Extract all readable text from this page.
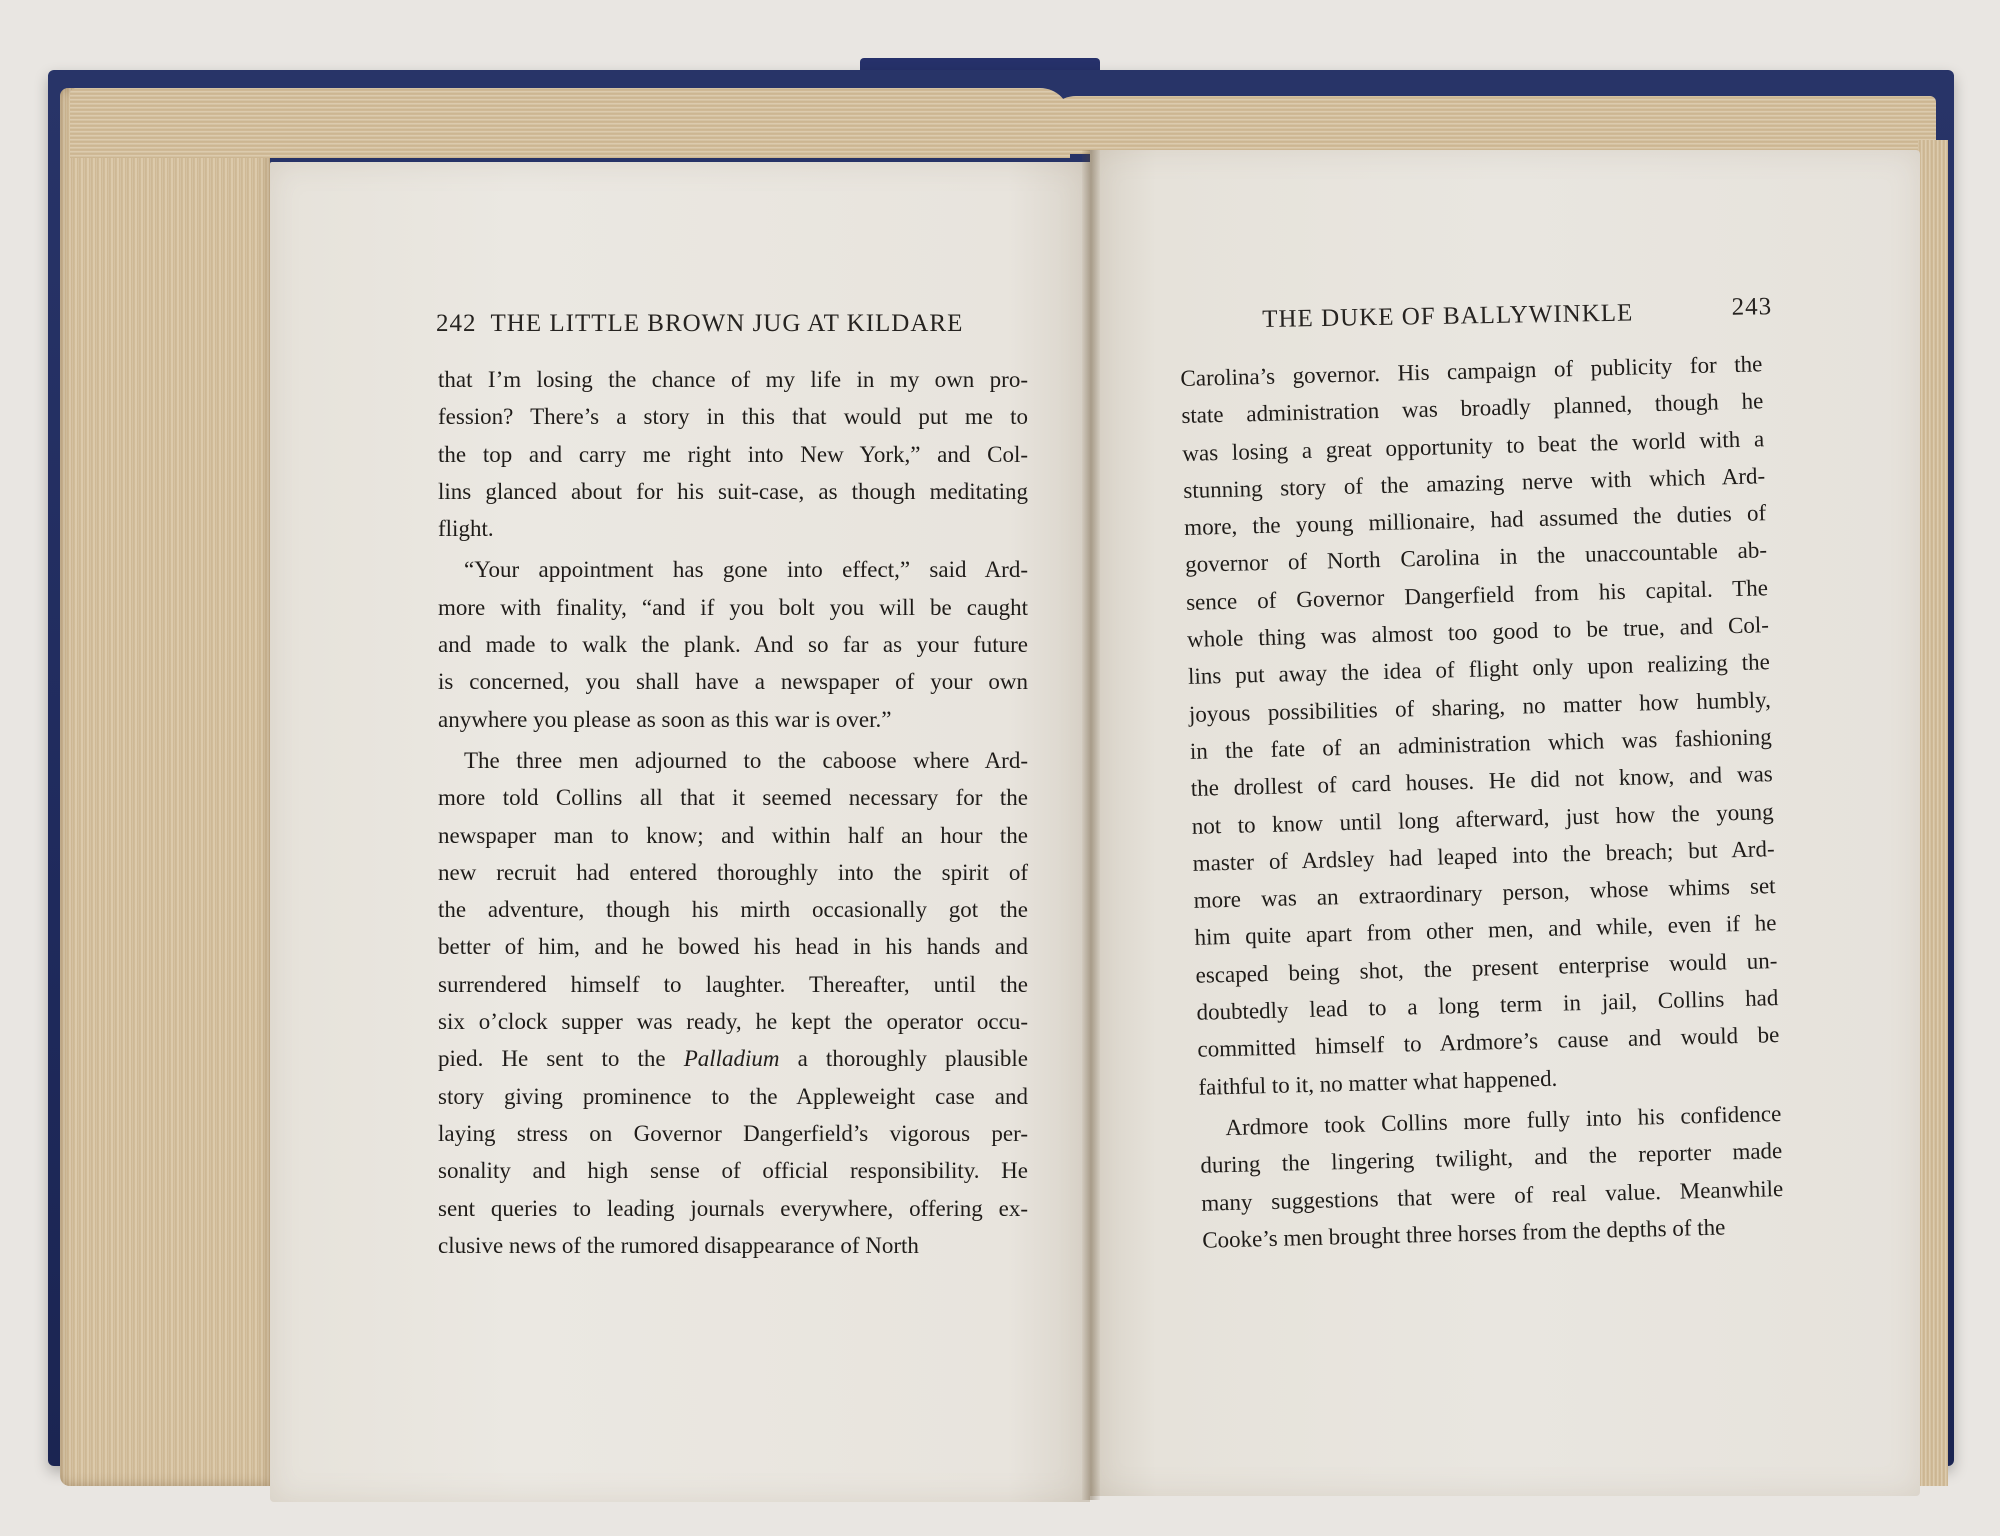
242 THE LITTLE BROWN JUG AT KILDARE	THE DUKE OF BALLYWINKLE	243
that I’m losing the chance of my life in my own pro-
fession? There’s a story in this that would put me to
the top and carry me right into New York,” and Col-
lins glanced about for his suit-case, as though meditating
flight.
“Your appointment has gone into effect,” said Ard-
more with finality, “and if you bolt you will be caught
and made to walk the plank. And so far as your future
is concerned, you shall have a newspaper of your own
anywhere you please as soon as this war is over.”
The three men adjourned to the caboose where Ard-
more told Collins all that it seemed necessary for the
newspaper man to know; and within half an hour the
new recruit had entered thoroughly into the spirit of
the adventure, though his mirth occasionally got the
better of him, and he bowed his head in his hands and
surrendered himself to laughter. Thereafter, until the
six o’clock supper was ready, he kept the operator occu-
pied. He sent to the Palladium a thoroughly plausible
story giving prominence to the Appleweight case and
laying stress on Governor Dangerfield’s vigorous per-
sonality and high sense of official responsibility. He
sent queries to leading journals everywhere, offering ex-
clusive news of the rumored disappearance of North
Carolina’s governor. His campaign of publicity for the
state administration was broadly planned, though he
was losing a great opportunity to beat the world with a
stunning story of the amazing nerve with which Ard-
more, the young millionaire, had assumed the duties of
governor of North Carolina in the unaccountable ab-
sence of Governor Dangerfield from his capital. The
whole thing was almost too good to be true, and Col-
lins put away the idea of flight only upon realizing the
joyous possibilities of sharing, no matter how humbly,
in the fate of an administration which was fashioning
the drollest of card houses. He did not know, and was
not to know until long afterward, just how the young
master of Ardsley had leaped into the breach; but Ard-
more was an extraordinary person, whose whims set
him quite apart from other men, and while, even if he
escaped being shot, the present enterprise would un-
doubtedly lead to a long term in jail, Collins had
committed himself to Ardmore’s cause and would be
faithful to it, no matter what happened.
Ardmore took Collins more fully into his confidence
during the lingering twilight, and the reporter made
many suggestions that were of real value. Meanwhile
Cooke’s men brought three horses from the depths of the
